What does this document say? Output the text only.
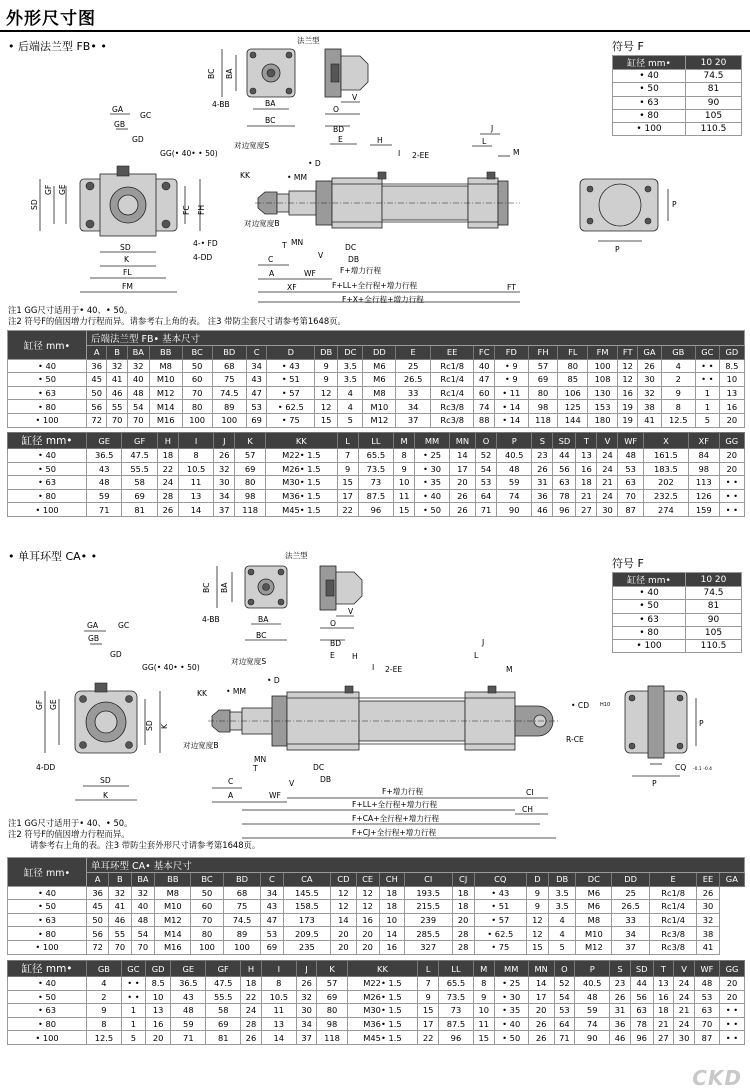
外形尺寸图
• 后端法兰型 FB• •	符号 F
缸径 mm•	10 20
• 40	74.5
• 50	81
• 63	90
• 80	105
• 100	110.5
BC BA
4-BB	BA
BC
法兰型
V
O
BD
GA
GC
GB
GD
GG(• 40• • 50)
SD
GF GE
FC FH
SD
FL
K
FM
4-• FD
4-DD
对边宽度S
KK	• MM
• D
对边宽度B
E	H
I 2-EE
J
L
M
MN
DC
DB
F+增力行程
C
A	WF
V
T
XF	F+LL+全行程+增力行程
F+X+全行程+增力行程
FT
P
P
注1 GG尺寸适用于• 40、• 50。
注2 符号F的值因增力行程而异。请参考右上角的表。 注3 带防尘套尺寸请参考第1648页。
缸径 mm•	后端法兰型 FB• 基本尺寸																						
	A	B	BA	BB	BC	BD	C	D	DB	DC	DD	E	EE	FC	FD	FH	FL	FM	FT	GA	GB	GC	GD
• 40	36	32	32	M8	50	68	34	• 43	9	3.5	M6	25	Rc1/8	40	• 9	57	80	100	12	26	4	• •	8.5
• 50	45	41	40	M10	60	75	43	• 51	9	3.5	M6	26.5	Rc1/4	47	• 9	69	85	108	12	30	2	• •	10
• 63	50	46	48	M12	70	74.5	47	• 57	12	4	M8	33	Rc1/4	60	• 11	80	106	130	16	32	9	1	13
• 80	56	55	54	M14	80	89	53	• 62.5	12	4	M10	34	Rc3/8	74	• 14	98	125	153	19	38	8	1	16
• 100	72	70	70	M16	100	100	69	• 75	15	5	M12	37	Rc3/8	88	• 14	118	144	180	19	41	12.5	5	20
缸径 mm•	GE	GF	H	I	J	K	KK	L	LL	M	MM	MN	O	P	S	SD	T	V	WF	X	XF	GG
• 40	36.5	47.5	18	8	26	57	M22• 1.5	7	65.5	8	• 25	14	52	40.5	23	44	13	24	48	161.5	84	20
• 50	43	55.5	22	10.5	32	69	M26• 1.5	9	73.5	9	• 30	17	54	48	26	56	16	24	53	183.5	98	20
• 63	48	58	24	11	30	80	M30• 1.5	15	73	10	• 35	20	53	59	31	63	18	21	63	202	113	• •
• 80	59	69	28	13	34	98	M36• 1.5	17	87.5	11	• 40	26	64	74	36	78	21	24	70	232.5	126	• •
• 100	71	81	26	14	37	118	M45• 1.5	22	96	15	• 50	26	71	90	46	96	27	30	87	274	159	• •
• 单耳环型 CA• •
符号 F
缸径 mm•	10 20
• 40	74.5
• 50	81
• 63	90
• 80	105
• 100	110.5
法兰型
BC BA
4-BB	BA
BC
V
O
BD
GA	GC
GB
GD
GG(• 40• • 50)
GF GE
SD K
4-DD
SD
K
对边宽度S
KK	• MM
• D
对边宽度B
E H
I 2-EE
J
L
M
• CD H10
R-CE
T
MN
DC
DB
C
A	WF
V
F+增力行程
F+LL+全行程+增力行程
F+CA+全行程+增力行程
F+CJ+全行程+增力行程
CI
CH
P
P
CQ -0.1 -0.4
注1 GG尺寸适用于• 40、• 50。
注2 符号F的值因增力行程而异。
请参考右上角的表。注3 带防尘套外形尺寸请参考第1648页。
缸径 mm•	单耳环型 CA• 基本尺寸																				
	A	B	BA	BB	BC	BD	C	CA	CD	CE	CH	CI	CJ	CQ	D	DB	DC	DD	E	EE	GA
• 40	36	32	32	M8	50	68	34	145.5	12	12	18	193.5	18	• 43	9	3.5	M6	25	Rc1/8	26	
• 50	45	41	40	M10	60	75	43	158.5	12	12	18	215.5	18	• 51	9	3.5	M6	26.5	Rc1/4	30	
• 63	50	46	48	M12	70	74.5	47	173	14	16	10	239	20	• 57	12	4	M8	33	Rc1/4	32	
• 80	56	55	54	M14	80	89	53	209.5	20	20	14	285.5	28	• 62.5	12	4	M10	34	Rc3/8	38	
• 100	72	70	70	M16	100	100	69	235	20	20	16	327	28	• 75	15	5	M12	37	Rc3/8	41	
缸径 mm•	GB	GC	GD	GE	GF	H	I	J	K	KK	L	LL	M	MM	MN	O	P	S	SD	T	V	WF	GG
• 40	4	• •	8.5	36.5	47.5	18	8	26	57	M22• 1.5	7	65.5	8	• 25	14	52	40.5	23	44	13	24	48	20
• 50	2	• •	10	43	55.5	22	10.5	32	69	M26• 1.5	9	73.5	9	• 30	17	54	48	26	56	16	24	53	20
• 63	9	1	13	48	58	24	11	30	80	M30• 1.5	15	73	10	• 35	20	53	59	31	63	18	21	63	• •
• 80	8	1	16	59	69	28	13	34	98	M36• 1.5	17	87.5	11	• 40	26	64	74	36	78	21	24	70	• •
• 100	12.5	5	20	71	81	26	14	37	118	M45• 1.5	22	96	15	• 50	26	71	90	46	96	27	30	87	• •
CKD
